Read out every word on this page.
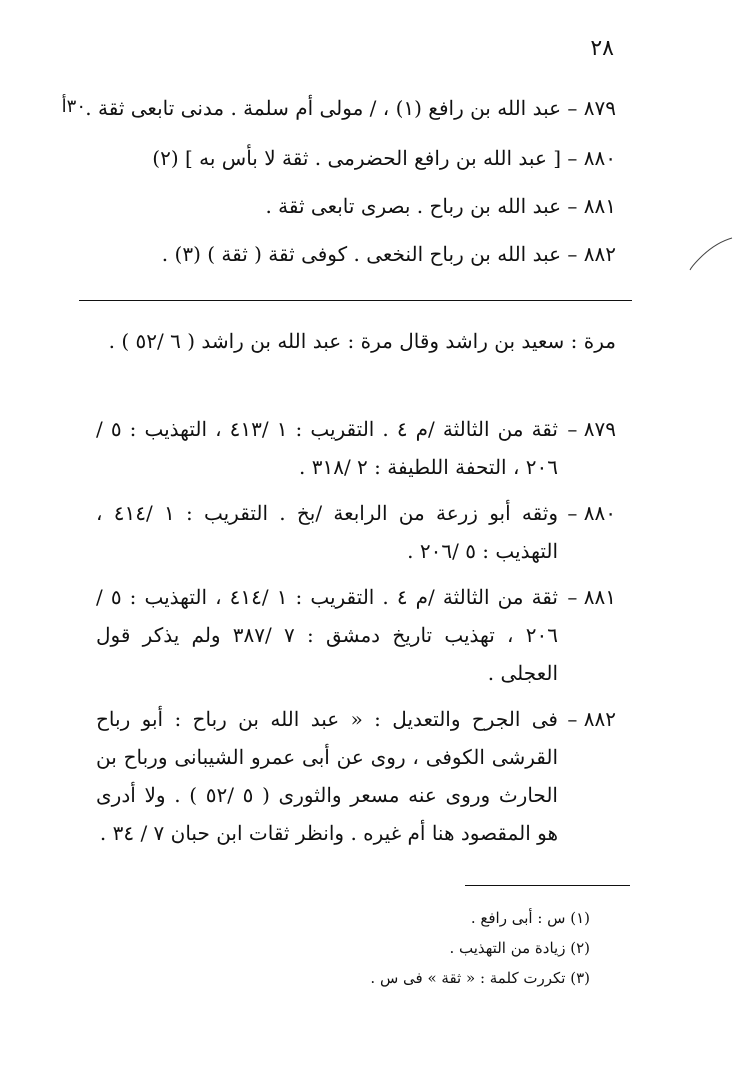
٢٨
٣٠أ ٨٧٩ – عبد الله بن رافع (١) ، / مولى أم سلمة . مدنى تابعى ثقة .
٨٨٠ – [ عبد الله بن رافع الحضرمى . ثقة لا بأس به ] (٢)
٨٨١ – عبد الله بن رباح . بصرى تابعى ثقة .
٨٨٢ – عبد الله بن رباح النخعى . كوفى ثقة ( ثقة ) (٣) .
مرة : سعيد بن راشد وقال مرة : عبد الله بن راشد ( ٦ /٥٢ ) .
٨٧٩ –
ثقة من الثالثة /م ٤ . التقريب : ١ /٤١٣ ، التهذيب : ٥ /٢٠٦ ، التحفة اللطيفة : ٢ /٣١٨ .
٨٨٠ –
وثقه أبو زرعة من الرابعة /بخ . التقريب : ١ /٤١٤ ، التهذيب : ٥ /٢٠٦ .
٨٨١ –
ثقة من الثالثة /م ٤ . التقريب : ١ /٤١٤ ، التهذيب : ٥ /٢٠٦ ، تهذيب تاريخ دمشق : ٧ /٣٨٧ ولم يذكر قول العجلى .
٨٨٢ –
فى الجرح والتعديل : « عبد الله بن رباح : أبو رباح القرشى الكوفى ، روى عن أبى عمرو الشيبانى ورباح بن الحارث وروى عنه مسعر والثورى ( ٥ /٥٢ ) . ولا أدرى هو المقصود هنا أم غيره . وانظر ثقات ابن حبان ٧ / ٣٤ .
(١) س : أبى رافع .
(٢) زيادة من التهذيب .
(٣) تكررت كلمة : « ثقة » فى س .
